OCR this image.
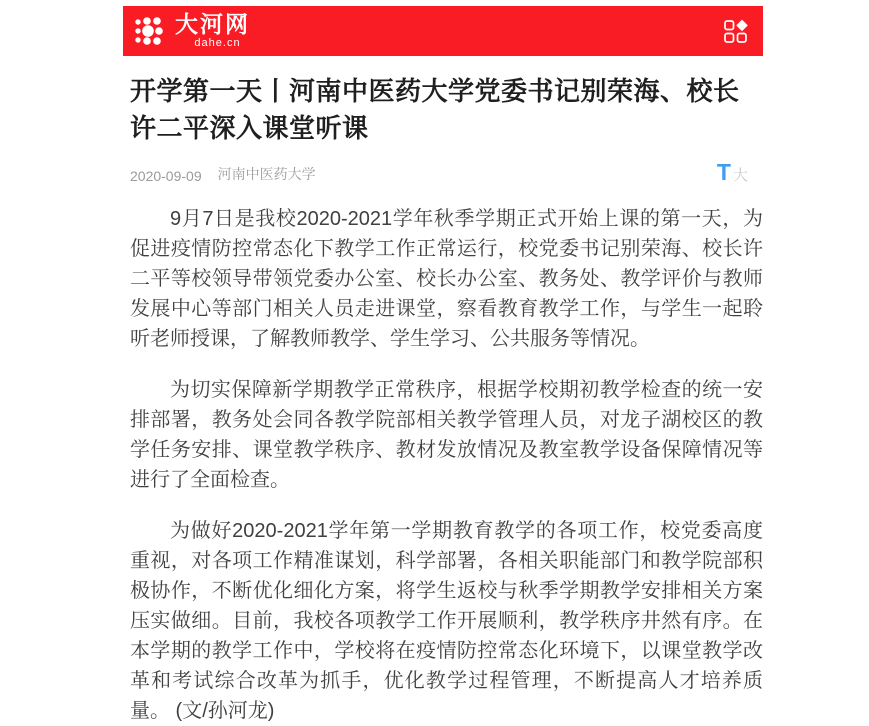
大河网
dahe.cn
开学第一天丨河南中医药大学党委书记别荣海、校长许二平深入课堂听课
2020-09-09 河南中医药大学	T 大

9月7日是我校2020-2021学年秋季学期正式开始上课的第一天，为促进疫情防控常态化下教学工作正常运行，校党委书记别荣海、校长许二平等校领导带领党委办公室、校长办公室、教务处、教学评价与教师发展中心等部门相关人员走进课堂，察看教育教学工作，与学生一起聆听老师授课，了解教师教学、学生学习、公共服务等情况。

为切实保障新学期教学正常秩序，根据学校期初教学检查的统一安排部署，教务处会同各教学院部相关教学管理人员，对龙子湖校区的教学任务安排、课堂教学秩序、教材发放情况及教室教学设备保障情况等进行了全面检查。

为做好2020-2021学年第一学期教育教学的各项工作，校党委高度重视，对各项工作精准谋划，科学部署，各相关职能部门和教学院部积极协作，不断优化细化方案，将学生返校与秋季学期教学安排相关方案压实做细。目前，我校各项教学工作开展顺利，教学秩序井然有序。在本学期的教学工作中，学校将在疫情防控常态化环境下，以课堂教学改革和考试综合改革为抓手，优化教学过程管理，不断提高人才培养质量。 (文/孙河龙)
